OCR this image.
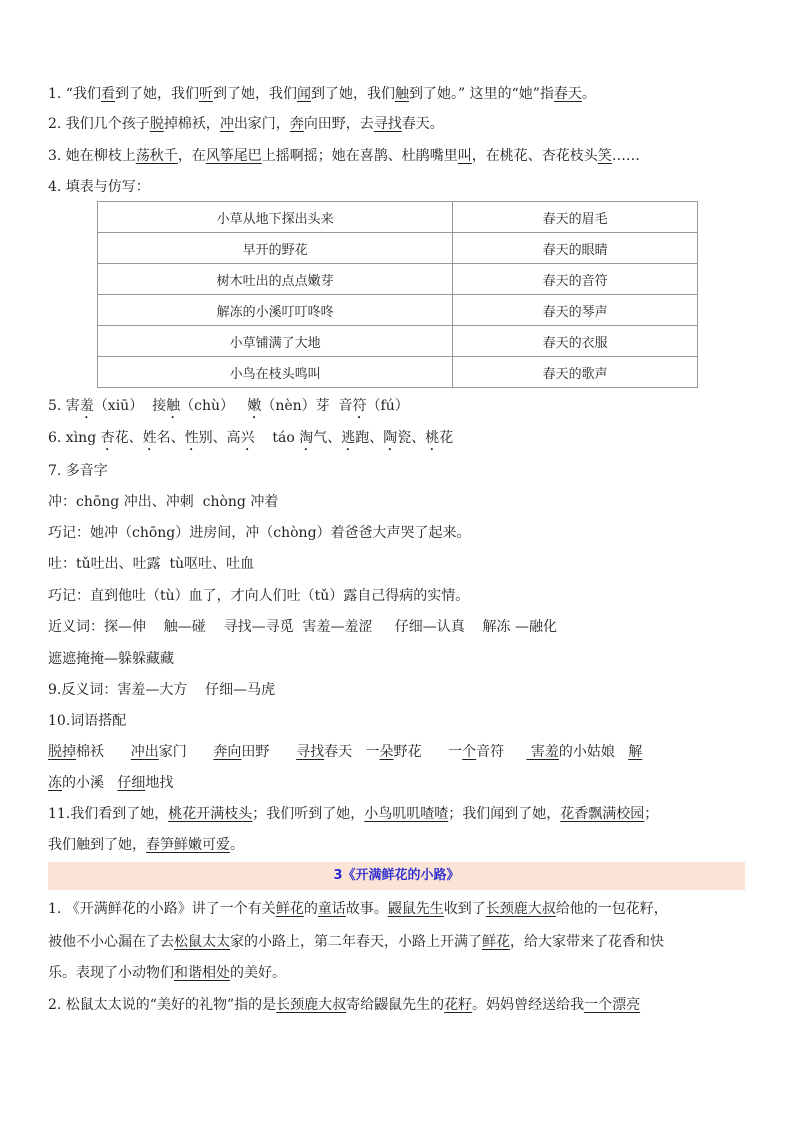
1. “我们看到了她，我们听到了她，我们闻到了她，我们触到了她。” 这里的“她”指春天。
2. 我们几个孩子脱掉棉袄，冲出家门，奔向田野，去寻找春天。
3. 她在柳枝上荡秋千，在风筝尾巴上摇啊摇；她在喜鹊、杜鹃嘴里叫，在桃花、杏花枝头笑……
4. 填表与仿写：
5. 害羞（xiū）  接触（chù）   嫩（nèn）芽  音符（fú）
6. xìng 杏花、姓名、性别、高兴    táo 淘气、逃跑、陶瓷、桃花
7. 多音字
冲：chōng 冲出、冲刺  chòng 冲着
巧记：她冲（chōng）进房间，冲（chòng）着爸爸大声哭了起来。
吐：tǔ吐出、吐露  tù呕吐、吐血
巧记：直到他吐（tù）血了，才向人们吐（tǔ）露自己得病的实情。
近义词：探—伸    触—碰    寻找—寻觅  害羞—羞涩     仔细—认真    解冻 —融化
遮遮掩掩—躲躲藏藏
9.反义词：害羞—大方    仔细—马虎
10.词语搭配
脱掉棉袄      冲出家门      奔向田野      寻找春天   一朵野花      一个音符      害羞的小姑娘   解
冻的小溪   仔细地找
11.我们看到了她，桃花开满枝头；我们听到了她，小鸟叽叽喳喳；我们闻到了她，花香飘满校园；
我们触到了她，春笋鲜嫩可爱。
1. 《开满鲜花的小路》讲了一个有关鲜花的童话故事。鼹鼠先生收到了长颈鹿大叔给他的一包花籽，
被他不小心漏在了去松鼠太太家的小路上，第二年春天，小路上开满了鲜花，给大家带来了花香和快
乐。表现了小动物们和谐相处的美好。
2. 松鼠太太说的“美好的礼物”指的是长颈鹿大叔寄给鼹鼠先生的花籽。妈妈曾经送给我一个漂亮
小草从地下探出头来	春天的眉毛
早开的野花	春天的眼睛
树木吐出的点点嫩芽	春天的音符
解冻的小溪叮叮咚咚	春天的琴声
小草铺满了大地	春天的衣服
小鸟在枝头鸣叫	春天的歌声
3《开满鲜花的小路》
